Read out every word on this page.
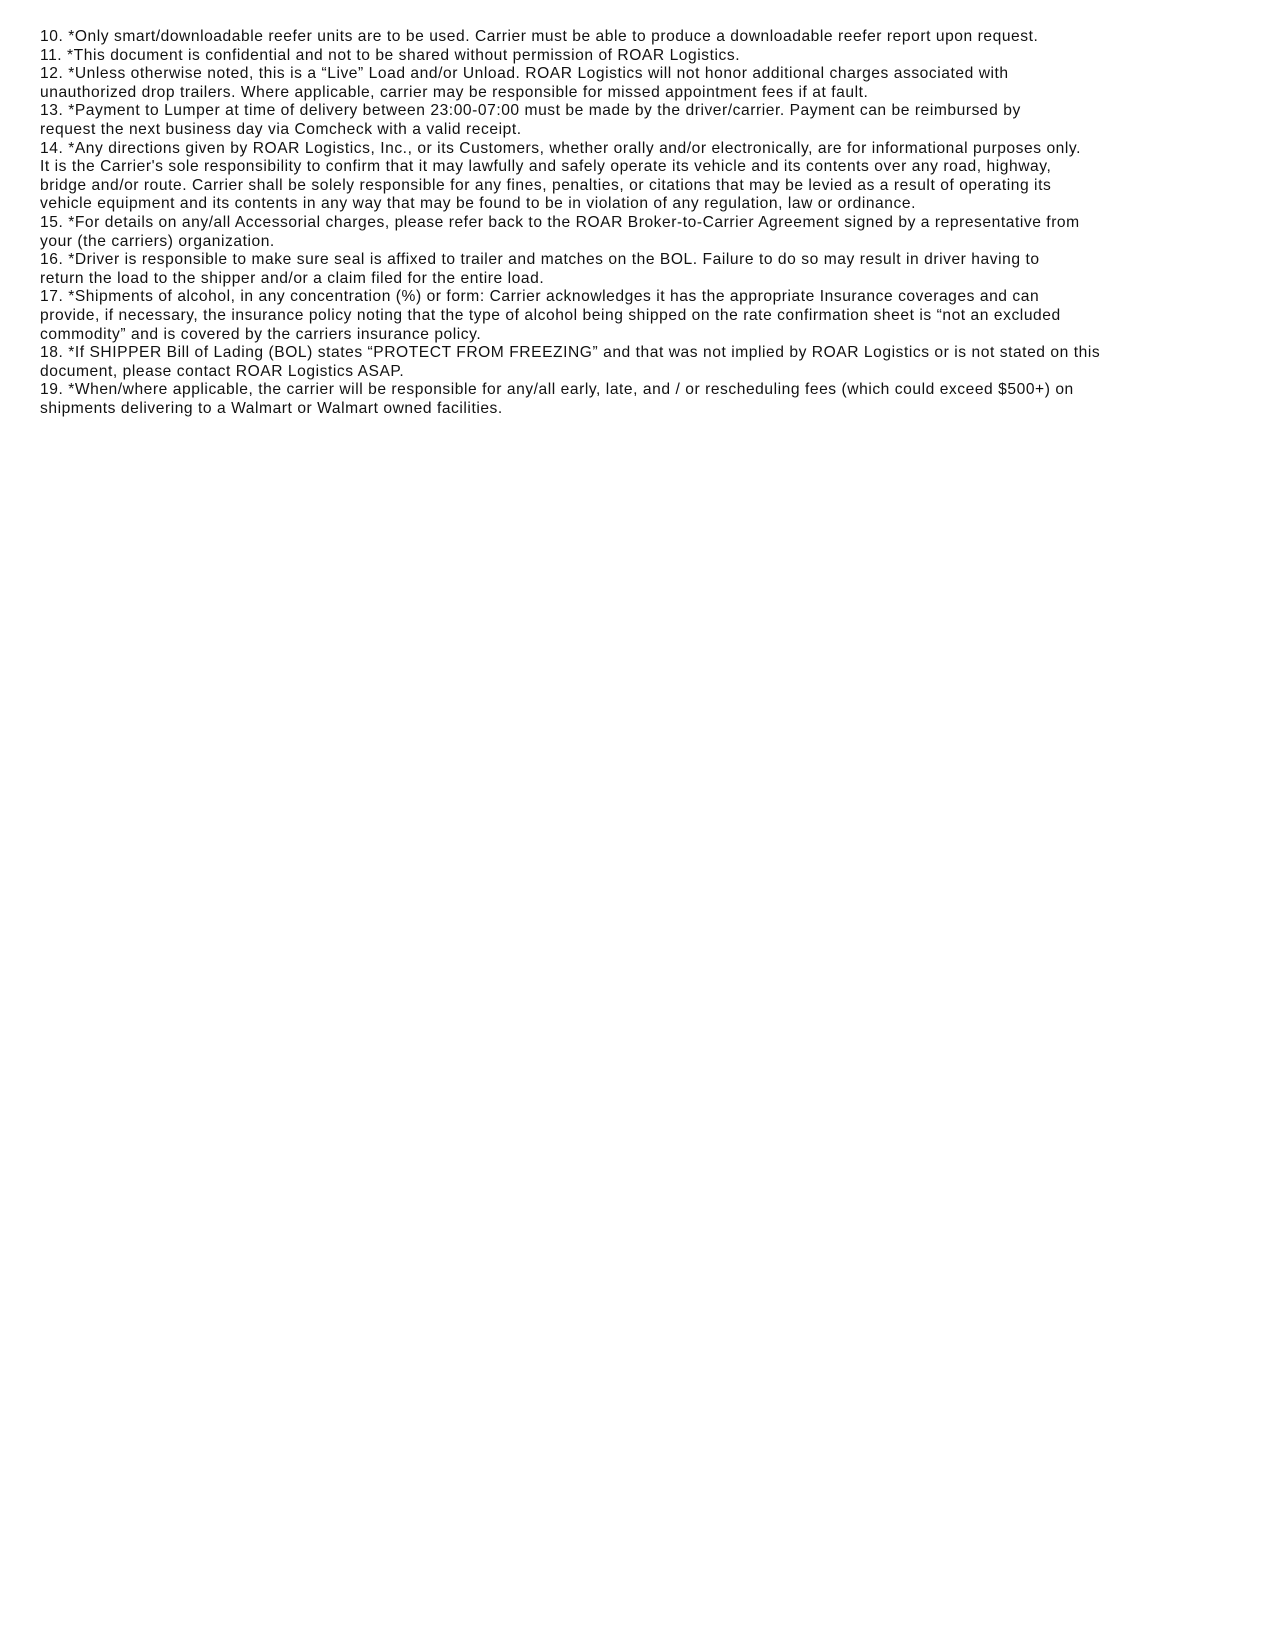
10. *Only smart/downloadable reefer units are to be used. Carrier must be able to produce a downloadable reefer report upon request.
11. *This document is confidential and not to be shared without permission of ROAR Logistics.
12. *Unless otherwise noted, this is a “Live” Load and/or Unload. ROAR Logistics will not honor additional charges associated with
unauthorized drop trailers. Where applicable, carrier may be responsible for missed appointment fees if at fault.
13. *Payment to Lumper at time of delivery between 23:00-07:00 must be made by the driver/carrier. Payment can be reimbursed by
request the next business day via Comcheck with a valid receipt.
14. *Any directions given by ROAR Logistics, Inc., or its Customers, whether orally and/or electronically, are for informational purposes only.
It is the Carrier's sole responsibility to confirm that it may lawfully and safely operate its vehicle and its contents over any road, highway,
bridge and/or route. Carrier shall be solely responsible for any fines, penalties, or citations that may be levied as a result of operating its
vehicle equipment and its contents in any way that may be found to be in violation of any regulation, law or ordinance.
15. *For details on any/all Accessorial charges, please refer back to the ROAR Broker-to-Carrier Agreement signed by a representative from
your (the carriers) organization.
16. *Driver is responsible to make sure seal is affixed to trailer and matches on the BOL. Failure to do so may result in driver having to
return the load to the shipper and/or a claim filed for the entire load.
17. *Shipments of alcohol, in any concentration (%) or form: Carrier acknowledges it has the appropriate Insurance coverages and can
provide, if necessary, the insurance policy noting that the type of alcohol being shipped on the rate confirmation sheet is “not an excluded
commodity” and is covered by the carriers insurance policy.
18. *If SHIPPER Bill of Lading (BOL) states “PROTECT FROM FREEZING” and that was not implied by ROAR Logistics or is not stated on this
document, please contact ROAR Logistics ASAP.
19. *When/where applicable, the carrier will be responsible for any/all early, late, and / or rescheduling fees (which could exceed $500+) on
shipments delivering to a Walmart or Walmart owned facilities.
